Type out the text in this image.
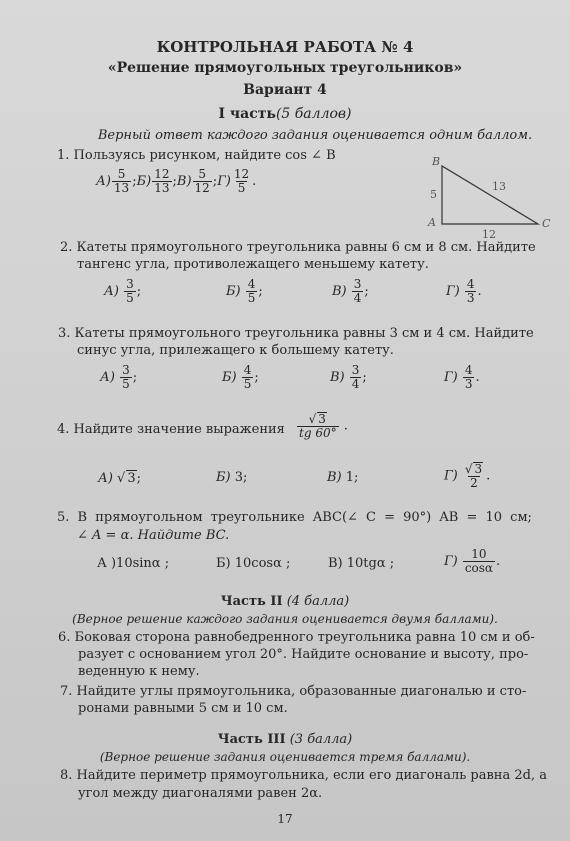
КОНТРОЛЬНАЯ РАБОТА № 4
«Решение прямоугольных треугольников»
Вариант 4
I часть(5 баллов)
Верный ответ каждого задания оценивается одним баллом.
1. Пользуясь рисунком, найдите cos ∠ B
$А) \frac{5}{13}$ ;Б) $\frac{12}{13}$ ;В) $\frac{5}{12}$ ;Г) $\frac{12}{5}$ .
B
A	C
5
13
12
2. Катеты прямоугольного треугольника равны 6 см и 8 см. Найдите
тангенс угла, противолежащего меньшему катету.
$А) \frac{3}{5}$ ;	$Б) \frac{4}{5}$ ;	$В) \frac{3}{4}$ ;	$Г) \frac{4}{3}$ .
3. Катеты прямоугольного треугольника равны 3 см и 4 см. Найдите
синус угла, прилежащего к большему катету.
$А) \frac{3}{5}$ ;	$Б) \frac{4}{5}$ ;	$В) \frac{3}{4}$ ;	$Г) \frac{4}{3}$ .
4. Найдите значение выражения $\frac{√ 3}{tg 60^\circ}$ .
А) √ 3;	Б) 3;	В) 1;	$Г) \frac{√ 3}{2}$ .
5. В прямоугольном треугольнике ABC(∠ C = 90°) AB = 10 см;
∠ A = α. Найдите BC.
А )10sinα ;	Б) 10cosα ;	В) 10tgα ;	$Г) \frac{10}{\cos\alpha}$ .
Часть II (4 балла)
(Верное решение каждого задания оценивается двумя баллами).
6. Боковая сторона равнобедренного треугольника равна 10 см и об-
разует с основанием угол 20°. Найдите основание и высоту, про-
веденную к нему.
7. Найдите углы прямоугольника, образованные диагональю и сто-
ронами равными 5 см и 10 см.
Часть III (3 балла)
(Верное решение задания оценивается тремя баллами).
8. Найдите периметр прямоугольника, если его диагональ равна 2d, а
угол между диагоналями равен 2α.
17
